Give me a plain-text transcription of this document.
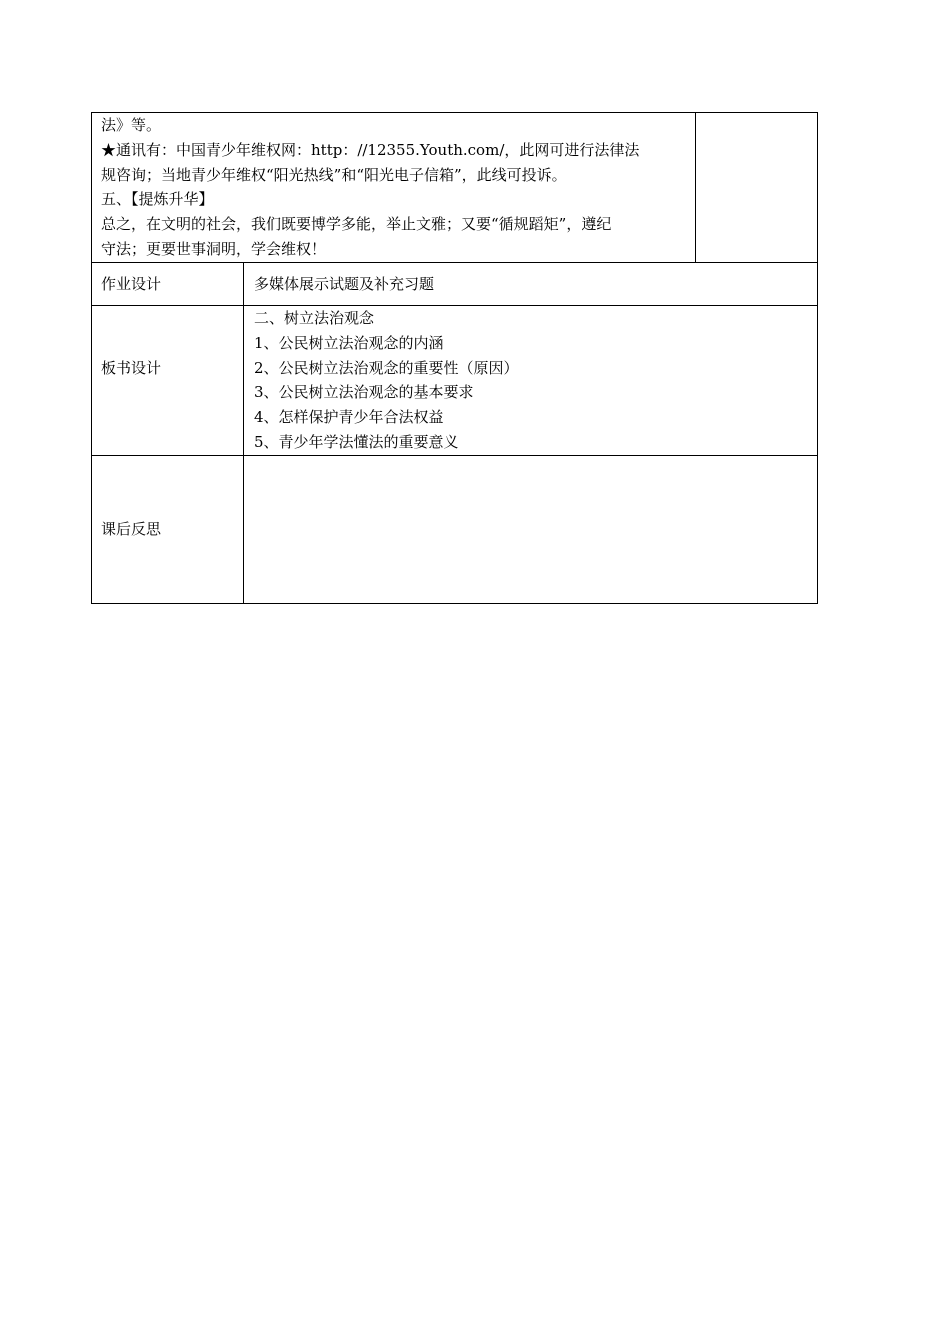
法》等。
★通讯有：中国青少年维权网：http：//12355.Youth.com/，此网可进行法律法
规咨询；当地青少年维权“阳光热线”和“阳光电子信箱”，此线可投诉。
五、【提炼升华】
总之，在文明的社会，我们既要博学多能，举止文雅；又要“循规蹈矩”，遵纪
守法；更要世事洞明，学会维权！
作业设计	多媒体展示试题及补充习题
板书设计
二、树立法治观念
1、公民树立法治观念的内涵
2、公民树立法治观念的重要性（原因）
3、公民树立法治观念的基本要求
4、怎样保护青少年合法权益
5、青少年学法懂法的重要意义
课后反思
